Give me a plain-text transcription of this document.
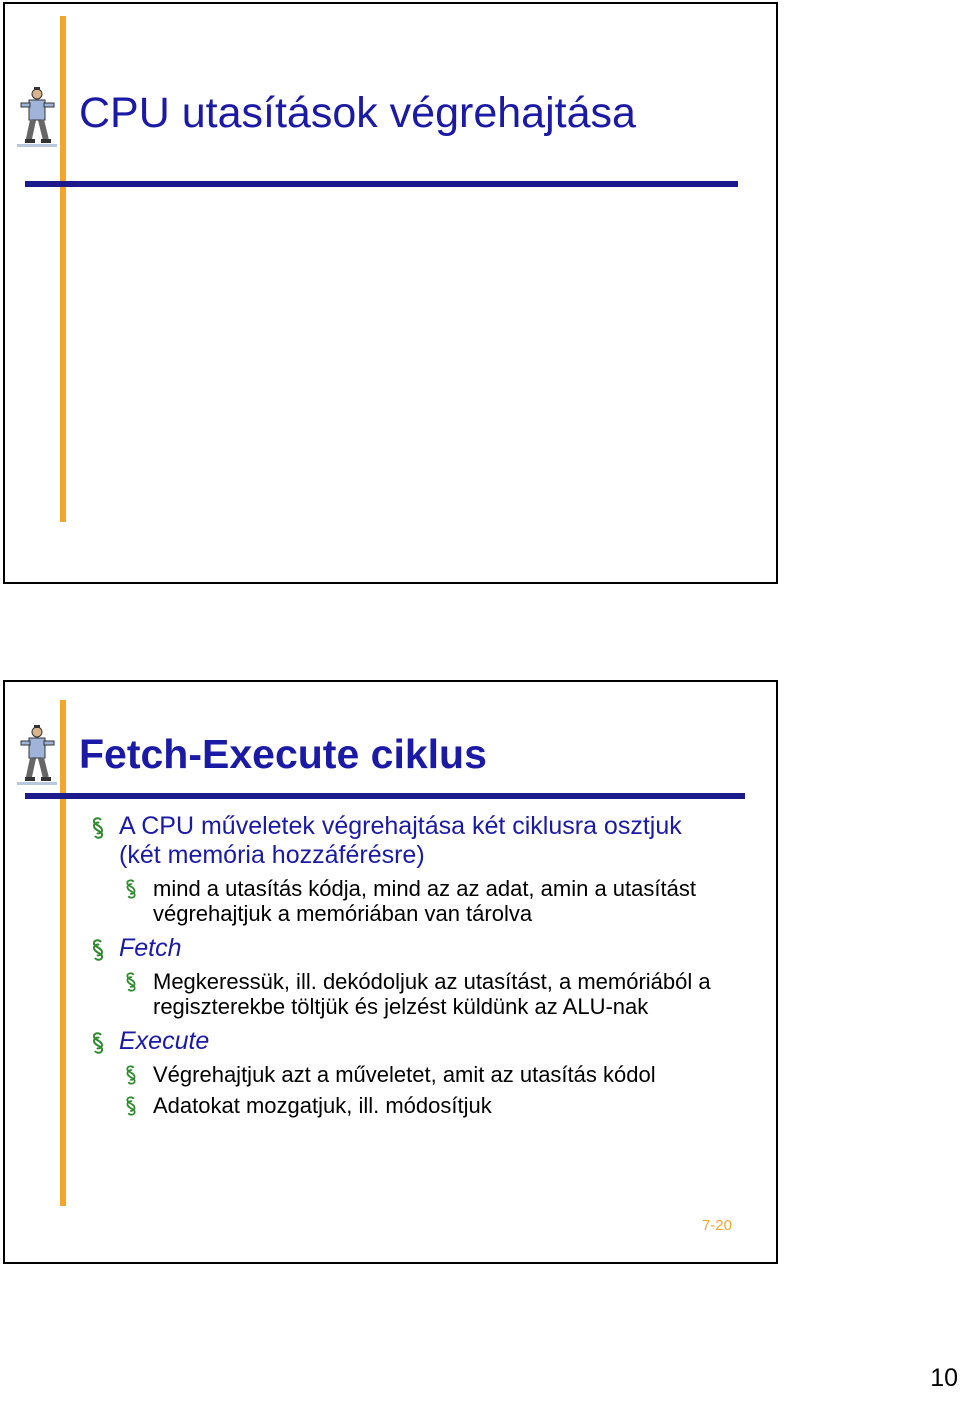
CPU utasítások végrehajtása
Fetch-Execute ciklus
A CPU műveletek végrehajtása két ciklusra osztjuk (két memória hozzáférésre)
mind a utasítás kódja, mind az az adat, amin a utasítást végrehajtjuk a memóriában van tárolva
Fetch
Megkeressük, ill. dekódoljuk az utasítást, a memóriából a regiszterekbe töltjük és jelzést küldünk az ALU-nak
Execute
Végrehajtjuk azt a műveletet, amit az utasítás kódol
Adatokat mozgatjuk, ill. módosítjuk
7-20
10
